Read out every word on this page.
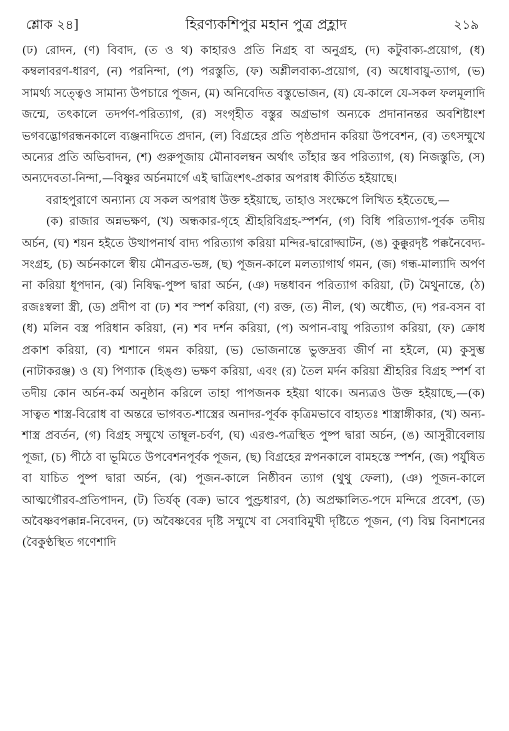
শ্লোক ২৪]	হিরণ্যকশিপুর মহান পুত্র প্রহ্লাদ	২১৯

(ঢ) রোদন, (ণ) বিবাদ, (ত ও থ) কাহারও প্রতি নিগ্রহ বা অনুগ্রহ, (দ) কটুবাক্য-প্রয়োগ, (ধ) কম্বলাবরণ-ধারণ, (ন) পরনিন্দা, (প) পরস্তুতি, (ফ) অশ্লীলবাক্য-প্রয়োগ, (ব) অধোবায়ু-ত্যাগ, (ভ) সামর্থ্য সত্ত্বেও সামান্য উপচারে পূজন, (ম) অনিবেদিত বস্তুভোজন, (য) যে-কালে যে-সকল ফলমূলাদি জন্মে, তৎকালে তদর্পণ-পরিত্যাগ, (র) সংগৃহীত বস্তুর অগ্রভাগ অন্যকে প্রদানানন্তর অবশিষ্টাংশ ভগবদ্ভোগরন্ধনকালে ব্যঞ্জনাদিতে প্রদান, (ল) বিগ্রহের প্রতি পৃষ্ঠপ্রদান করিয়া উপবেশন, (ব) তৎসম্মুখে অন্যের প্রতি অভিবাদন, (শ) গুরুপূজায় মৌনাবলম্বন অর্থাৎ তাঁহার স্তব পরিত্যাগ, (ষ) নিজস্তুতি, (স) অন্যদেবতা-নিন্দা,—বিষ্ণুর অর্চনমার্গে এই দ্বাত্রিংশৎ-প্রকার অপরাধ কীর্তিত হইয়াছে।

বরাহপুরাণে অন্যান্য যে সকল অপরাধ উক্ত হইয়াছে, তাহাও সংক্ষেপে লিখিত হইতেছে,—

(ক) রাজার অন্নভক্ষণ, (খ) অন্ধকার-গৃহে শ্রীহরিবিগ্রহ-স্পর্শন, (গ) বিধি পরিত্যাগ-পূর্বক তদীয় অর্চন, (ঘ) শয়ন হইতে উত্থাপনার্থ বাদ্য পরিত্যাগ করিয়া মন্দির-দ্বারোদ্ঘাটন, (ঙ) কুক্কুরদৃষ্ট পক্কনৈবেদ্য-সংগ্রহ, (চ) অর্চনকালে স্বীয় মৌনব্রত-ভঙ্গ, (ছ) পূজন-কালে মলত্যাগার্থ গমন, (জ) গন্ধ-মাল্যাদি অর্পণ না করিয়া ধূপদান, (ঝ) নিষিদ্ধ-পুষ্প দ্বারা অর্চন, (ঞ) দন্তধাবন পরিত্যাগ করিয়া, (ট) মৈথুনান্তে, (ঠ) রজঃস্বলা স্ত্রী, (ড) প্রদীপ বা (ঢ) শব স্পর্শ করিয়া, (ণ) রক্ত, (ত) নীল, (থ) অধৌত, (দ) পর-বসন বা (ধ) মলিন বস্ত্র পরিধান করিয়া, (ন) শব দর্শন করিয়া, (প) অপান-বায়ু পরিত্যাগ করিয়া, (ফ) ক্রোধ প্রকাশ করিয়া, (ব) শ্মশানে গমন করিয়া, (ভ) ভোজনান্তে ভুক্তদ্রব্য জীর্ণ না হইলে, (ম) কুসুম্ভ (নাটাকরঞ্জ) ও (য) পিণ্যাক (হিঙ্গু) ভক্ষণ করিয়া, এবং (র) তৈল মর্দন করিয়া শ্রীহরির বিগ্রহ স্পর্শ বা তদীয় কোন অর্চন-কর্ম অনুষ্ঠান করিলে তাহা পাপজনক হইয়া থাকে। অন্যত্রও উক্ত হইয়াছে,—(ক) সাত্বত শাস্ত্র-বিরোধ বা অন্তরে ভাগবত-শাস্ত্রের অনাদর-পূর্বক কৃত্রিমভাবে বাহ্যতঃ শাস্ত্রাঙ্গীকার, (খ) অন্য-শাস্ত্র প্রবর্তন, (গ) বিগ্রহ সম্মুখে তাম্বূল-চর্বণ, (ঘ) এরণ্ড-পত্রস্থিত পুষ্প দ্বারা অর্চন, (ঙ) আসুরীবেলায় পূজা, (চ) পীঠে বা ভূমিতে উপবেশনপূর্বক পূজন, (ছ) বিগ্রহের স্নপনকালে বামহস্তে স্পর্শন, (জ) পর্যুষিত বা যাচিত পুষ্প দ্বারা অর্চন, (ঝ) পূজন-কালে নিষ্ঠীবন ত্যাগ (থুথু ফেলা), (ঞ) পূজন-কালে আত্মগৌরব-প্রতিপাদন, (ট) তির্যক্ (বক্র) ভাবে পুণ্ড্রধারণ, (ঠ) অপ্রক্ষালিত-পদে মন্দিরে প্রবেশ, (ড) অবৈষ্ণবপক্কান্ন-নিবেদন, (ঢ) অবৈষ্ণবের দৃষ্টি সম্মুখে বা সেবাবিমুখী দৃষ্টিতে পূজন, (ণ) বিঘ্ন বিনাশনের (বৈকুণ্ঠস্থিত গণেশাদি
